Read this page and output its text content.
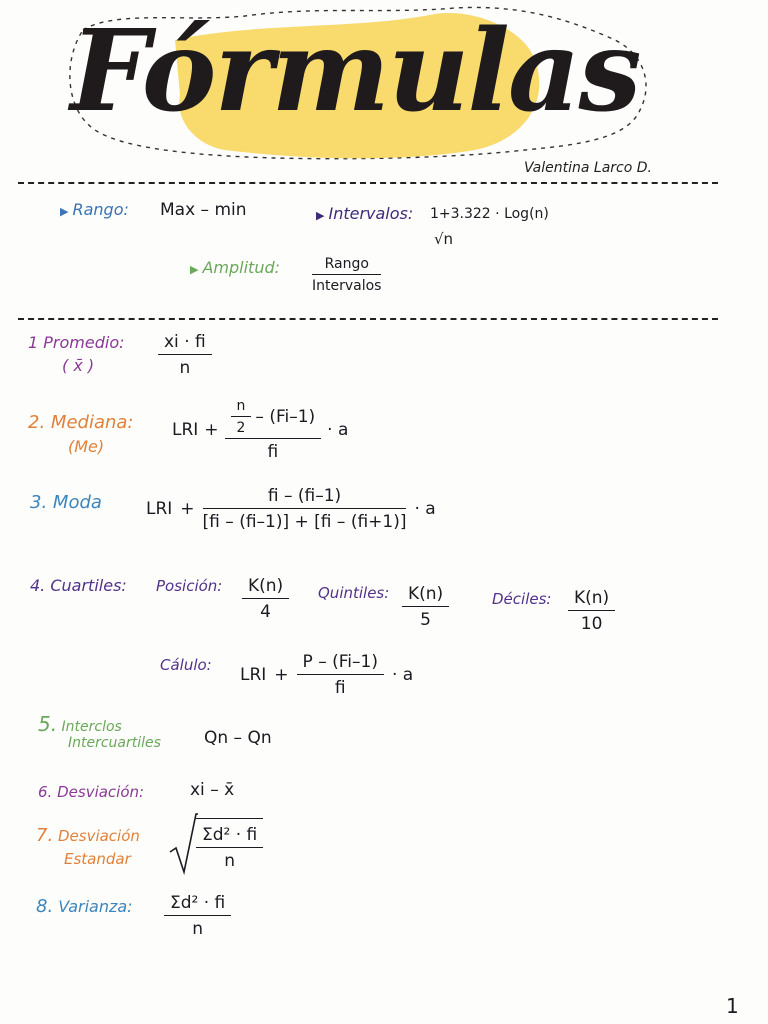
Fórmulas
Valentina Larco D.
▶ Rango: Max – min	▶ Intervalos: 1+3.322 · Log(n)
√n
▶ Amplitud: $\frac{\text{Rango}}{\text{Intervalos}}$
1 Promedio:
( x̄ )	$\frac{xi \cdot fi}{n}$
2. Mediana:
(Me)
LRI + $\frac{\frac{n}{2} - (Fi-1)}{fi} \cdot a$
3. Moda	LRI + $\frac{fi - (fi-1)}{[fi - (fi-1)] + [fi - (fi+1)]} \cdot a$
4. Cuartiles: Posición: $\frac{K(n)}{4}$ Quintiles: $\frac{K(n)}{5}$	Déciles: $\frac{K(n)}{10}$
Cálulo: LRI + $\frac{P - (Fi-1)}{fi} \cdot a$
5. Interclos
Intercuartiles	Qn – Qn
6. Desviación:	xi – x̄
7. Desviación
Estandar	$\frac{\text{Σd² · fi}}{n}$
8. Varianza: $\frac{\text{Σd² · fi}}{n}$
1
